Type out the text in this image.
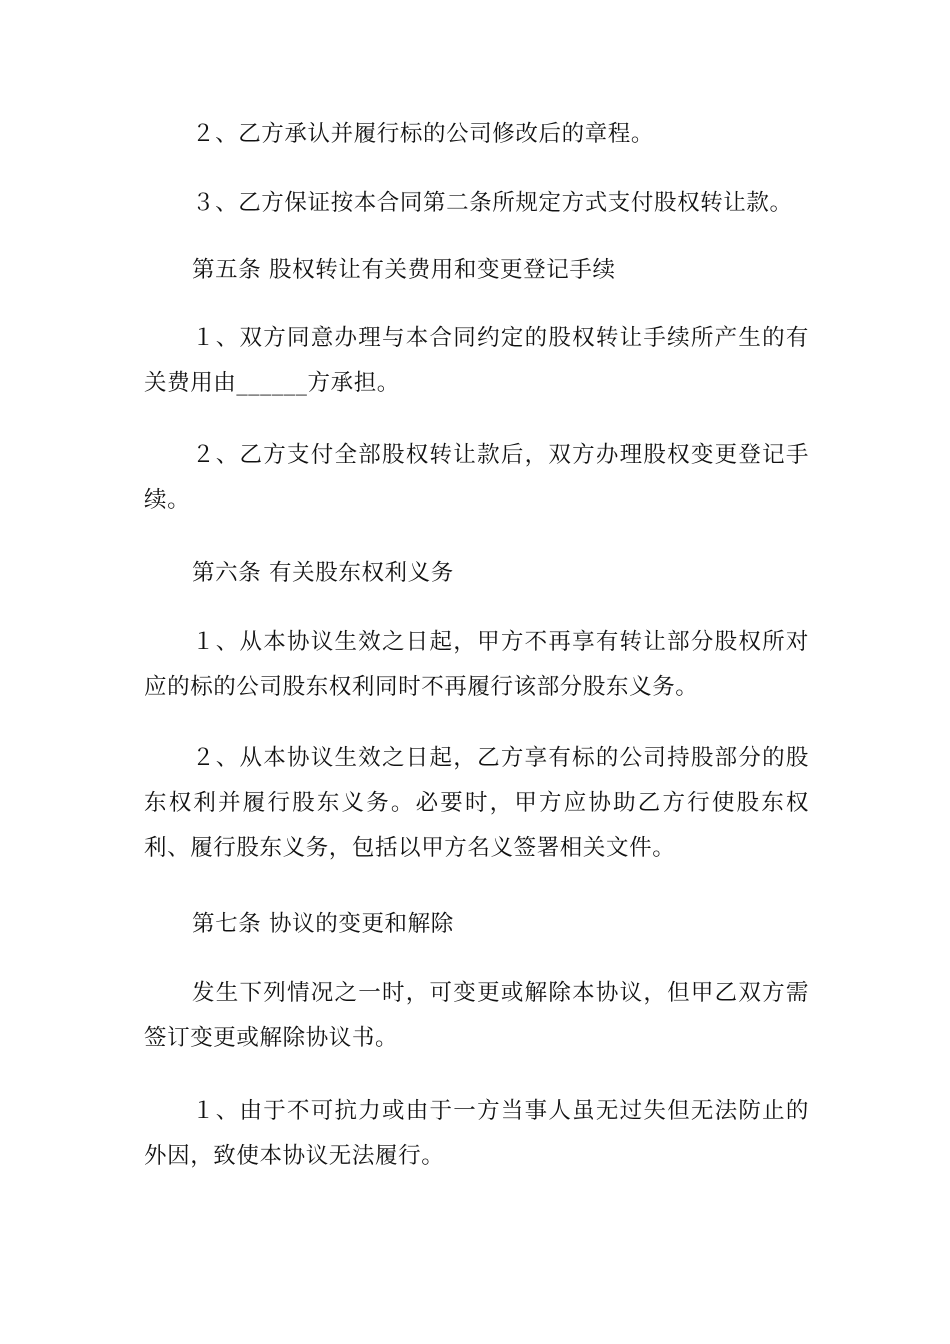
２、乙方承认并履行标的公司修改后的章程。

３、乙方保证按本合同第二条所规定方式支付股权转让款。

第五条 股权转让有关费用和变更登记手续

１、双方同意办理与本合同约定的股权转让手续所产生的有关费用由______方承担。

２、乙方支付全部股权转让款后，双方办理股权变更登记手续。

第六条 有关股东权利义务

１、从本协议生效之日起，甲方不再享有转让部分股权所对应的标的公司股东权利同时不再履行该部分股东义务。

２、从本协议生效之日起，乙方享有标的公司持股部分的股东权利并履行股东义务。必要时，甲方应协助乙方行使股东权利、履行股东义务，包括以甲方名义签署相关文件。

第七条 协议的变更和解除

发生下列情况之一时，可变更或解除本协议，但甲乙双方需签订变更或解除协议书。

１、由于不可抗力或由于一方当事人虽无过失但无法防止的外因，致使本协议无法履行。
